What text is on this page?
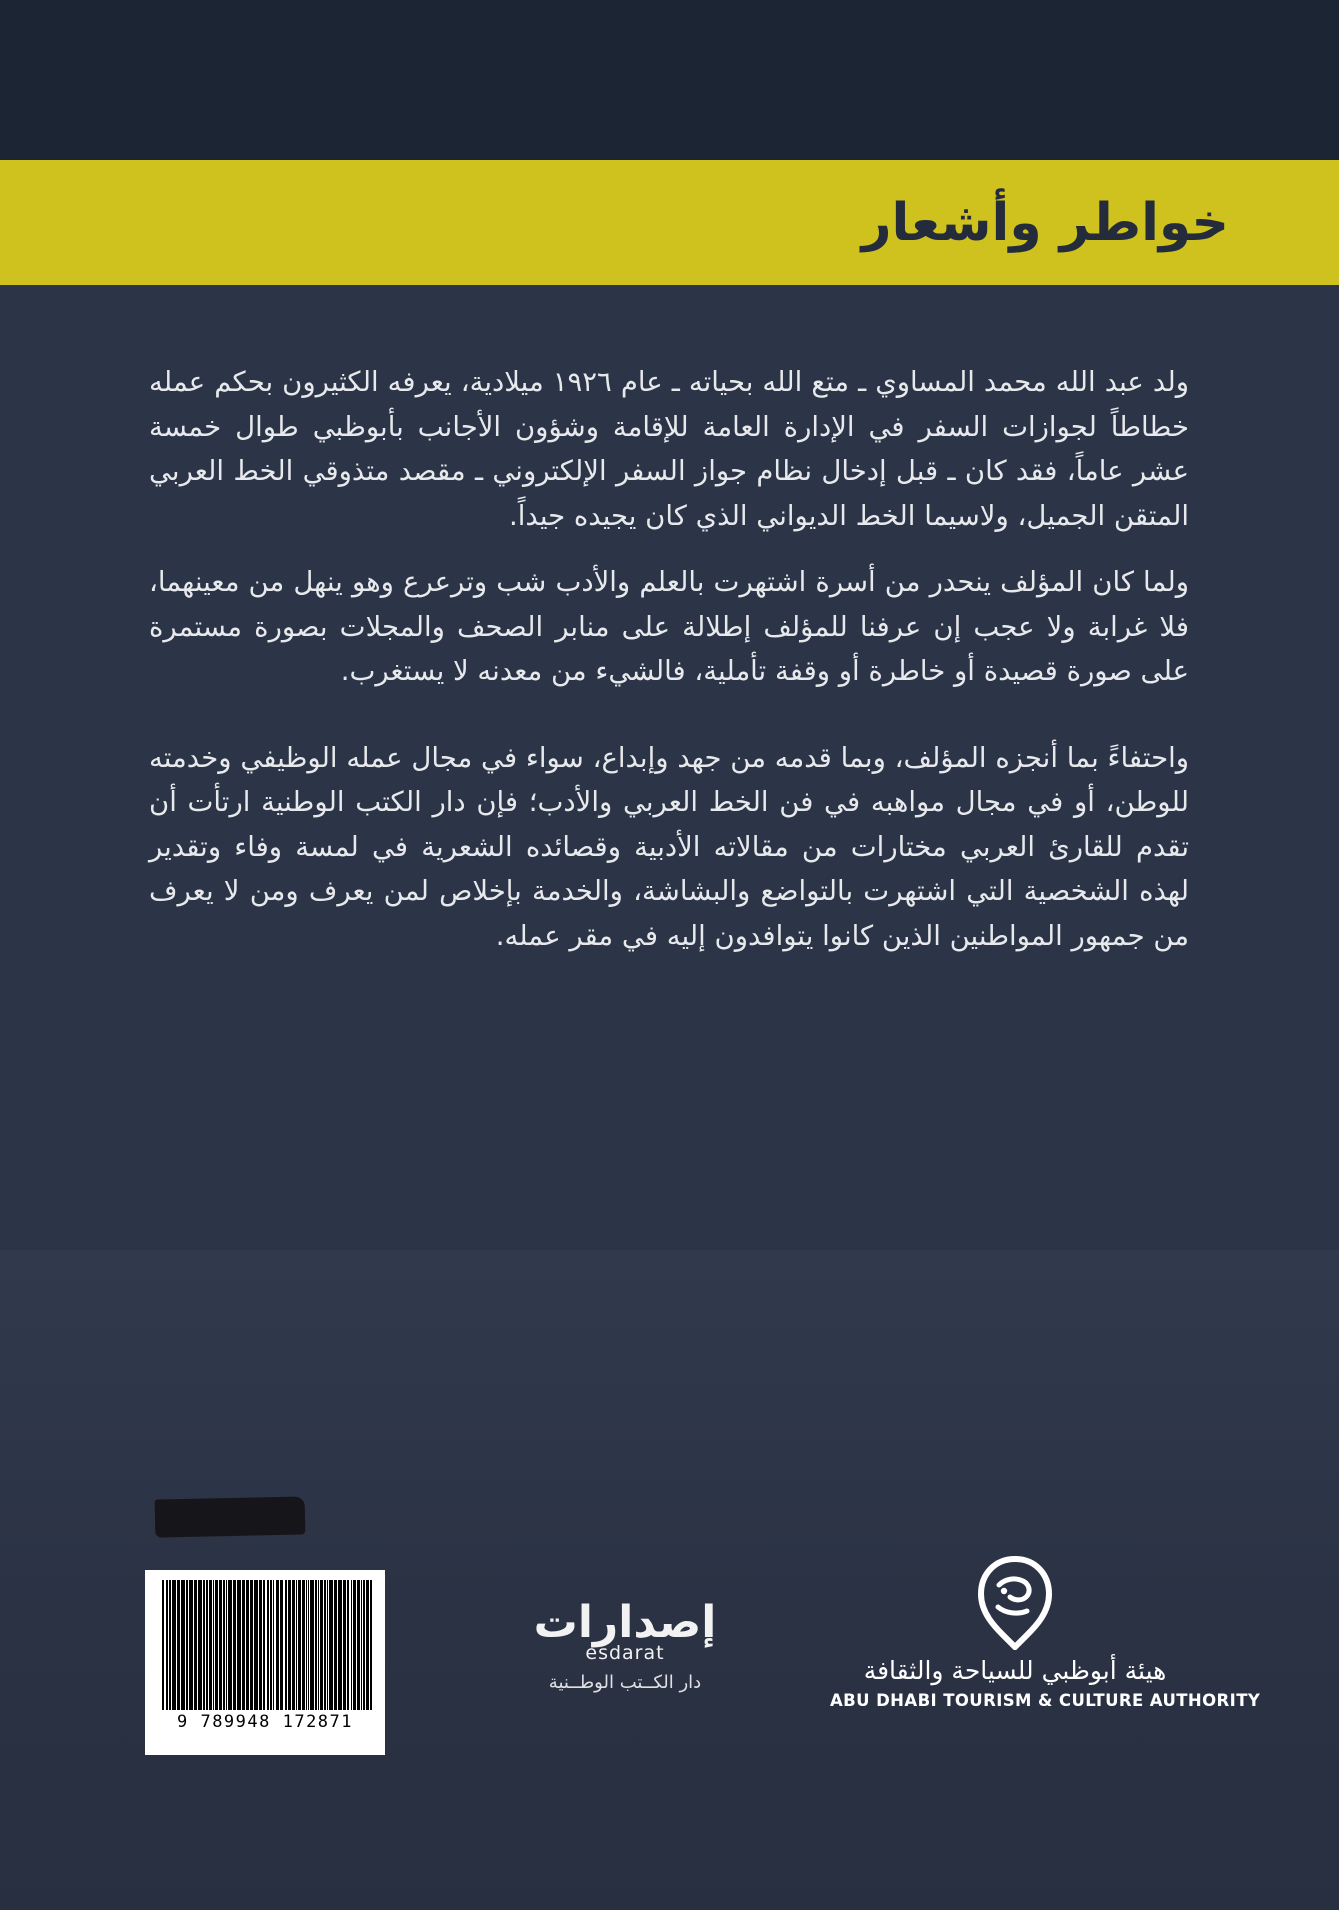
خواطر وأشعار

ولد عبد الله محمد المساوي ـ متع الله بحياته ـ عام ١٩٢٦ ميلادية، يعرفه الكثيرون بحكم عمله خطاطاً لجوازات السفر في الإدارة العامة للإقامة وشؤون الأجانب بأبوظبي طوال خمسة عشر عاماً، فقد كان ـ قبل إدخال نظام جواز السفر الإلكتروني ـ مقصد متذوقي الخط العربي المتقن الجميل، ولاسيما الخط الديواني الذي كان يجيده جيداً.

ولما كان المؤلف ينحدر من أسرة اشتهرت بالعلم والأدب شب وترعرع وهو ينهل من معينهما، فلا غرابة ولا عجب إن عرفنا للمؤلف إطلالة على منابر الصحف والمجلات بصورة مستمرة على صورة قصيدة أو خاطرة أو وقفة تأملية، فالشيء من معدنه لا يستغرب.

واحتفاءً بما أنجزه المؤلف، وبما قدمه من جهد وإبداع، سواء في مجال عمله الوظيفي وخدمته للوطن، أو في مجال مواهبه في فن الخط العربي والأدب؛ فإن دار الكتب الوطنية ارتأت أن تقدم للقارئ العربي مختارات من مقالاته الأدبية وقصائده الشعرية في لمسة وفاء وتقدير لهذه الشخصية التي اشتهرت بالتواضع والبشاشة، والخدمة بإخلاص لمن يعرف ومن لا يعرف من جمهور المواطنين الذين كانوا يتوافدون إليه في مقر عمله.

9 789948 172871
إصدارات
esdarat
دار الكــتب الوطــنية	هيئة أبوظبي للسياحة والثقافة
ABU DHABI TOURISM & CULTURE AUTHORITY
